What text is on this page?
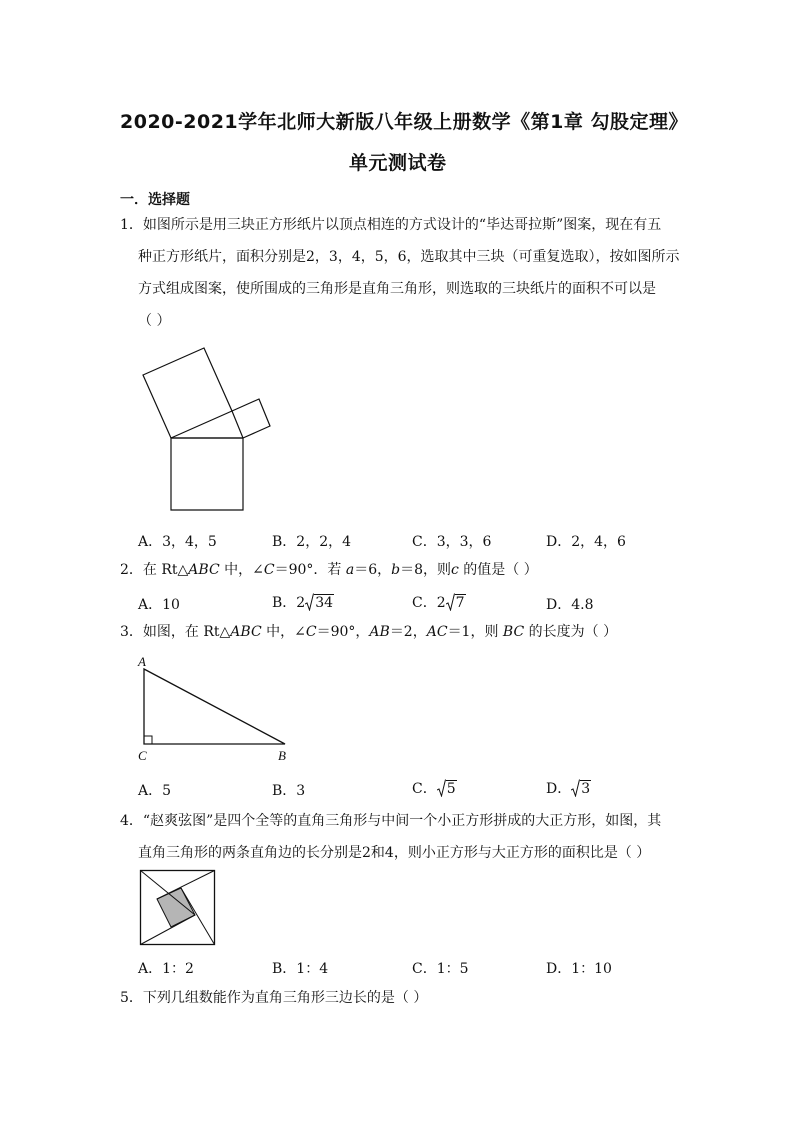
2020-2021学年北师大新版八年级上册数学《第1章 勾股定理》
单元测试卷
一．选择题
1．如图所示是用三块正方形纸片以顶点相连的方式设计的“毕达哥拉斯”图案，现在有五
种正方形纸片，面积分别是2，3，4，5，6，选取其中三块（可重复选取），按如图所示
方式组成图案，使所围成的三角形是直角三角形，则选取的三块纸片的面积不可以是
（ ）
A．3，4，5	B．2，2，4	C．3，3，6	D．2，4，6
2．在 Rt△ABC 中，∠C＝90°．若 a＝6，b＝8，则c 的值是（ ）
A．10	B．2 34	C．2 7	D．4.8
3．如图，在 Rt△ABC 中，∠C＝90°，AB＝2，AC＝1，则 BC 的长度为（ ）
A
C	B
A．5	B．3	C． 5	D． 3
4．“赵爽弦图”是四个全等的直角三角形与中间一个小正方形拼成的大正方形，如图，其
直角三角形的两条直角边的长分别是2和4，则小正方形与大正方形的面积比是（ ）
A．1：2	B．1：4	C．1：5	D．1：10
5．下列几组数能作为直角三角形三边长的是（ ）
